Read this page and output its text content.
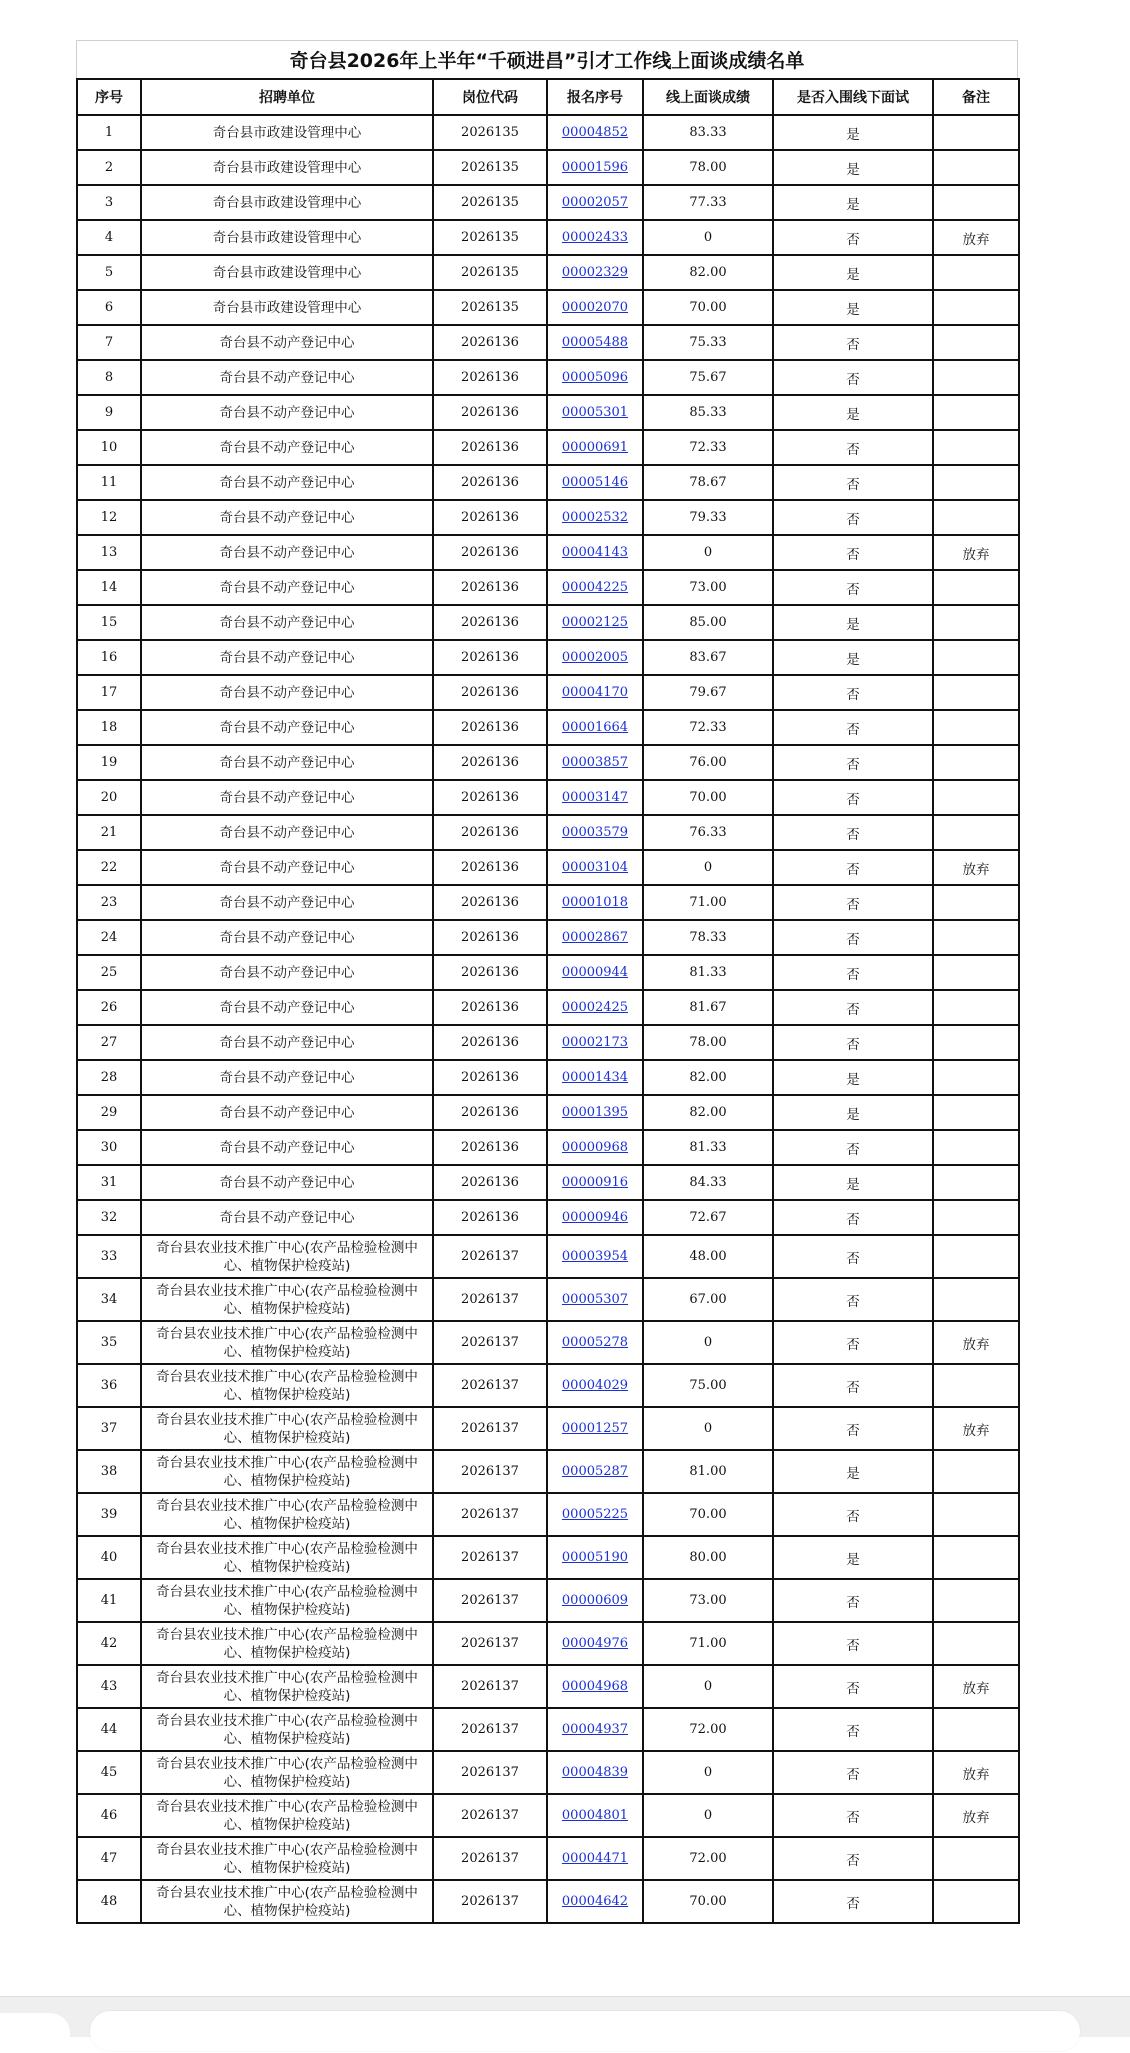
奇台县2026年上半年“千硕进昌”引才工作线上面谈成绩名单
序号	招聘单位	岗位代码	报名序号	线上面谈成绩	是否入围线下面试	备注
1	奇台县市政建设管理中心	2026135	00004852	83.33	是	
2	奇台县市政建设管理中心	2026135	00001596	78.00	是	
3	奇台县市政建设管理中心	2026135	00002057	77.33	是	
4	奇台县市政建设管理中心	2026135	00002433	0	否	放弃
5	奇台县市政建设管理中心	2026135	00002329	82.00	是	
6	奇台县市政建设管理中心	2026135	00002070	70.00	是	
7	奇台县不动产登记中心	2026136	00005488	75.33	否	
8	奇台县不动产登记中心	2026136	00005096	75.67	否	
9	奇台县不动产登记中心	2026136	00005301	85.33	是	
10	奇台县不动产登记中心	2026136	00000691	72.33	否	
11	奇台县不动产登记中心	2026136	00005146	78.67	否	
12	奇台县不动产登记中心	2026136	00002532	79.33	否	
13	奇台县不动产登记中心	2026136	00004143	0	否	放弃
14	奇台县不动产登记中心	2026136	00004225	73.00	否	
15	奇台县不动产登记中心	2026136	00002125	85.00	是	
16	奇台县不动产登记中心	2026136	00002005	83.67	是	
17	奇台县不动产登记中心	2026136	00004170	79.67	否	
18	奇台县不动产登记中心	2026136	00001664	72.33	否	
19	奇台县不动产登记中心	2026136	00003857	76.00	否	
20	奇台县不动产登记中心	2026136	00003147	70.00	否	
21	奇台县不动产登记中心	2026136	00003579	76.33	否	
22	奇台县不动产登记中心	2026136	00003104	0	否	放弃
23	奇台县不动产登记中心	2026136	00001018	71.00	否	
24	奇台县不动产登记中心	2026136	00002867	78.33	否	
25	奇台县不动产登记中心	2026136	00000944	81.33	否	
26	奇台县不动产登记中心	2026136	00002425	81.67	否	
27	奇台县不动产登记中心	2026136	00002173	78.00	否	
28	奇台县不动产登记中心	2026136	00001434	82.00	是	
29	奇台县不动产登记中心	2026136	00001395	82.00	是	
30	奇台县不动产登记中心	2026136	00000968	81.33	否	
31	奇台县不动产登记中心	2026136	00000916	84.33	是	
32	奇台县不动产登记中心	2026136	00000946	72.67	否	
33	奇台县农业技术推广中心(农产品检验检测中心、植物保护检疫站)	2026137	00003954	48.00	否	
34	奇台县农业技术推广中心(农产品检验检测中心、植物保护检疫站)	2026137	00005307	67.00	否	
35	奇台县农业技术推广中心(农产品检验检测中心、植物保护检疫站)	2026137	00005278	0	否	放弃
36	奇台县农业技术推广中心(农产品检验检测中心、植物保护检疫站)	2026137	00004029	75.00	否	
37	奇台县农业技术推广中心(农产品检验检测中心、植物保护检疫站)	2026137	00001257	0	否	放弃
38	奇台县农业技术推广中心(农产品检验检测中心、植物保护检疫站)	2026137	00005287	81.00	是	
39	奇台县农业技术推广中心(农产品检验检测中心、植物保护检疫站)	2026137	00005225	70.00	否	
40	奇台县农业技术推广中心(农产品检验检测中心、植物保护检疫站)	2026137	00005190	80.00	是	
41	奇台县农业技术推广中心(农产品检验检测中心、植物保护检疫站)	2026137	00000609	73.00	否	
42	奇台县农业技术推广中心(农产品检验检测中心、植物保护检疫站)	2026137	00004976	71.00	否	
43	奇台县农业技术推广中心(农产品检验检测中心、植物保护检疫站)	2026137	00004968	0	否	放弃
44	奇台县农业技术推广中心(农产品检验检测中心、植物保护检疫站)	2026137	00004937	72.00	否	
45	奇台县农业技术推广中心(农产品检验检测中心、植物保护检疫站)	2026137	00004839	0	否	放弃
46	奇台县农业技术推广中心(农产品检验检测中心、植物保护检疫站)	2026137	00004801	0	否	放弃
47	奇台县农业技术推广中心(农产品检验检测中心、植物保护检疫站)	2026137	00004471	72.00	否	
48	奇台县农业技术推广中心(农产品检验检测中心、植物保护检疫站)	2026137	00004642	70.00	否	
